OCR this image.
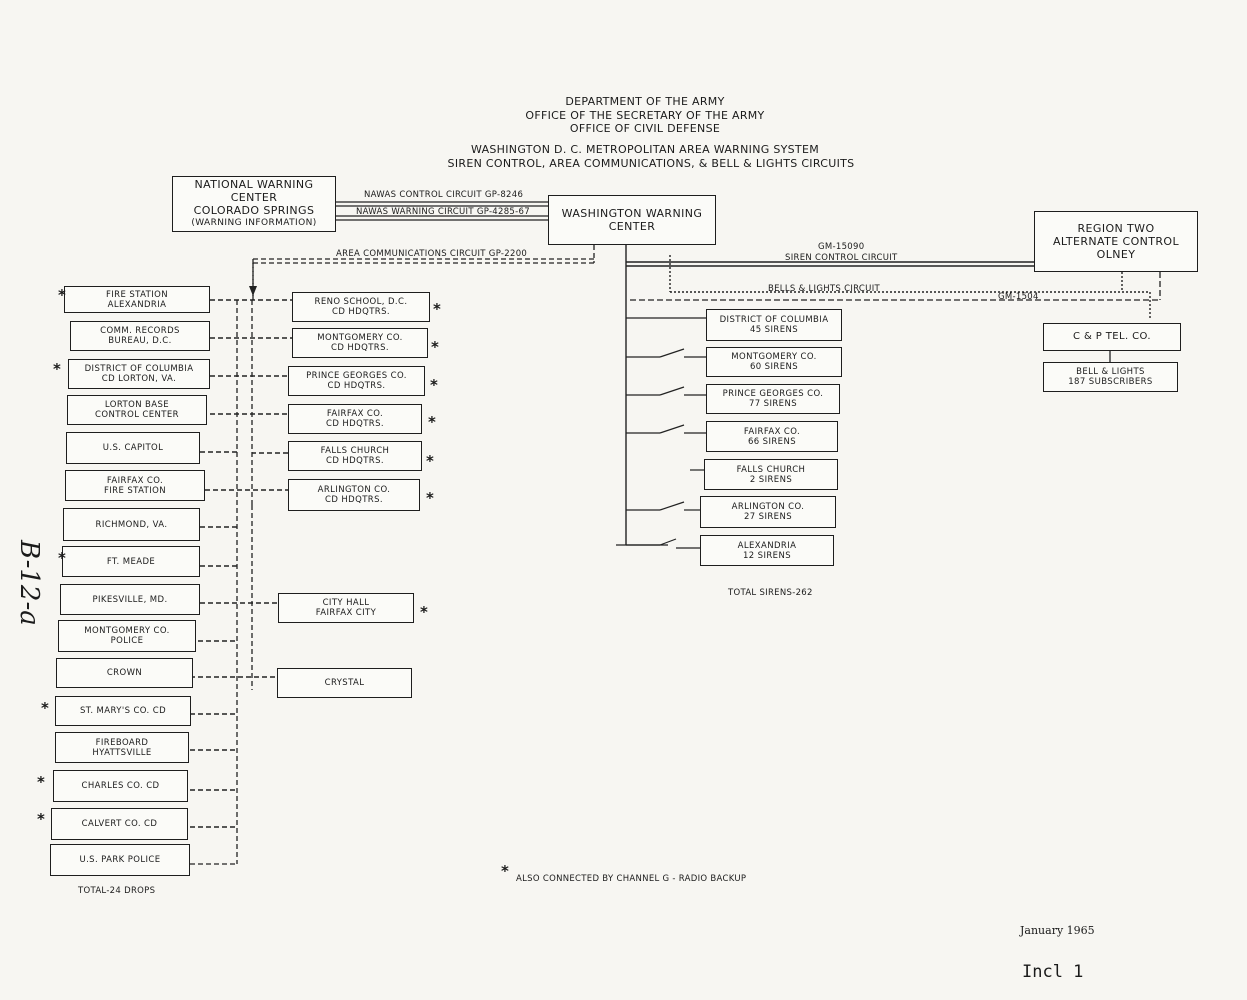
DEPARTMENT OF THE ARMY
OFFICE OF THE SECRETARY OF THE ARMY
OFFICE OF CIVIL DEFENSE
WASHINGTON D. C. METROPOLITAN AREA WARNING SYSTEM
SIREN CONTROL, AREA COMMUNICATIONS, & BELL & LIGHTS CIRCUITS
NATIONAL WARNING CENTER
COLORADO SPRINGS
(WARNING INFORMATION)
WASHINGTON WARNING
CENTER	REGION TWO
ALTERNATE CONTROL
OLNEY
C & P TEL. CO.
BELL & LIGHTS
187 SUBSCRIBERS
NAWAS CONTROL CIRCUIT GP-8246
NAWAS WARNING CIRCUIT GP-4285-67
AREA COMMUNICATIONS CIRCUIT GP-2200
GM-15090
SIREN CONTROL CIRCUIT
BELLS & LIGHTS CIRCUIT
GM-1504
FIRE STATION
ALEXANDRIA
COMM. RECORDS
BUREAU, D.C.
DISTRICT OF COLUMBIA
CD LORTON, VA.
LORTON BASE
CONTROL CENTER
U.S. CAPITOL
FAIRFAX CO.
FIRE STATION
RICHMOND, VA.
FT. MEADE
PIKESVILLE, MD.
MONTGOMERY CO.
POLICE
CROWN
ST. MARY'S CO. CD
FIREBOARD
HYATTSVILLE
CHARLES CO. CD
CALVERT CO. CD
U.S. PARK POLICE
RENO SCHOOL, D.C.
CD HDQTRS.
MONTGOMERY CO.
CD HDQTRS.
PRINCE GEORGES CO.
CD HDQTRS.
FAIRFAX CO.
CD HDQTRS.
FALLS CHURCH
CD HDQTRS.
ARLINGTON CO.
CD HDQTRS.
CITY HALL
FAIRFAX CITY
CRYSTAL
DISTRICT OF COLUMBIA
45 SIRENS
MONTGOMERY CO.
60 SIRENS
PRINCE GEORGES CO.
77 SIRENS
FAIRFAX CO.
66 SIRENS
FALLS CHURCH
2 SIRENS
ARLINGTON CO.
27 SIRENS
ALEXANDRIA
12 SIRENS
TOTAL SIRENS-262
TOTAL-24 DROPS
* ALSO CONNECTED BY CHANNEL G - RADIO BACKUP
*
*
*
*
*
*
*
*
*
*
*
*
*
January 1965
Incl 1
B-12-a
